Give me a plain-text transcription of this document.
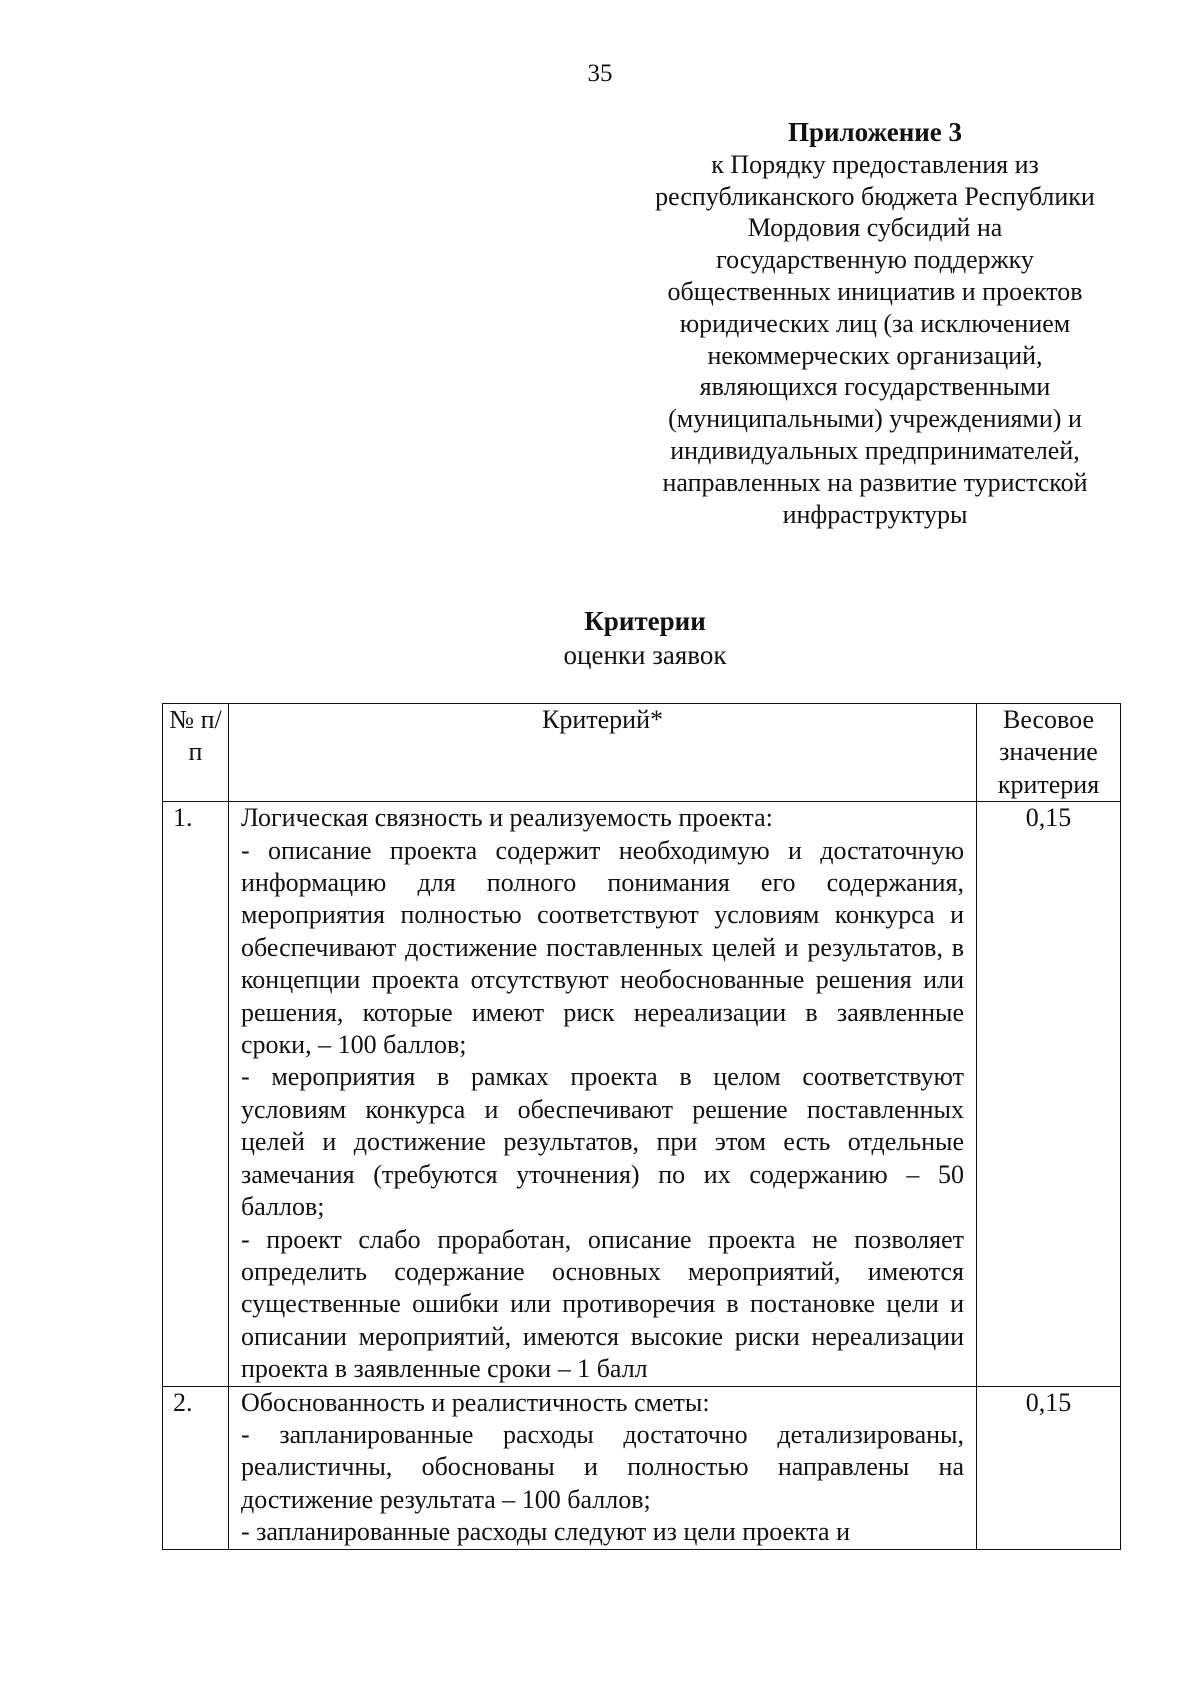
35
Приложение 3
к Порядку предоставления из
республиканского бюджета Республики
Мордовия субсидий на
государственную поддержку
общественных инициатив и проектов
юридических лиц (за исключением
некоммерческих организаций,
являющихся государственными
(муниципальными) учреждениями) и
индивидуальных предпринимателей,
направленных на развитие туристской
инфраструктуры
Критерии
оценки заявок
№ п/п	Критерий*	Весовое значение критерия
1.	Логическая связность и реализуемость проекта:

- описание проекта содержит необходимую и достаточную информацию для полного понимания его содержания, мероприятия полностью соответствуют условиям конкурса и обеспечивают достижение поставленных целей и результатов, в концепции проекта отсутствуют необоснованные решения или решения, которые имеют риск нереализации в заявленные сроки, – 100 баллов;

- мероприятия в рамках проекта в целом соответствуют условиям конкурса и обеспечивают решение поставленных целей и достижение результатов, при этом есть отдельные замечания (требуются уточнения) по их содержанию – 50 баллов;

- проект слабо проработан, описание проекта не позволяет определить содержание основных мероприятий, имеются существенные ошибки или противоречия в постановке цели и описании мероприятий, имеются высокие риски нереализации проекта в заявленные сроки – 1 балл	0,15
2.	Обоснованность и реалистичность сметы:

- запланированные расходы достаточно детализированы, реалистичны, обоснованы и полностью направлены на достижение результата – 100 баллов;

- запланированные расходы следуют из цели проекта и	0,15
